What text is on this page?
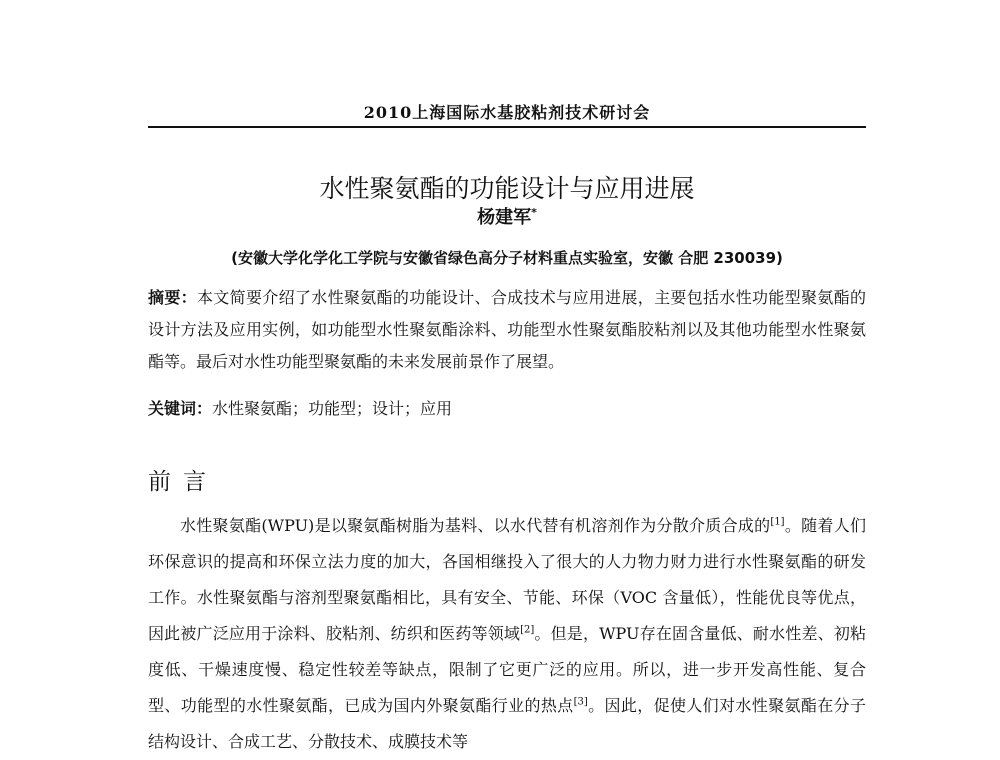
2010上海国际水基胶粘剂技术研讨会
水性聚氨酯的功能设计与应用进展
杨建军*
(安徽大学化学化工学院与安徽省绿色高分子材料重点实验室，安徽 合肥 230039)

摘要：本文简要介绍了水性聚氨酯的功能设计、合成技术与应用进展，主要包括水性功能型聚氨酯的设计方法及应用实例，如功能型水性聚氨酯涂料、功能型水性聚氨酯胶粘剂以及其他功能型水性聚氨酯等。最后对水性功能型聚氨酯的未来发展前景作了展望。

关键词：水性聚氨酯；功能型；设计；应用

前言

水性聚氨酯(WPU)是以聚氨酯树脂为基料、以水代替有机溶剂作为分散介质合成的[1]。随着人们环保意识的提高和环保立法力度的加大，各国相继投入了很大的人力物力财力进行水性聚氨酯的研发工作。水性聚氨酯与溶剂型聚氨酯相比，具有安全、节能、环保（VOC 含量低），性能优良等优点，因此被广泛应用于涂料、胶粘剂、纺织和医药等领域[2]。但是，WPU存在固含量低、耐水性差、初粘度低、干燥速度慢、稳定性较差等缺点，限制了它更广泛的应用。所以，进一步开发高性能、复合型、功能型的水性聚氨酯，已成为国内外聚氨酯行业的热点[3]。因此，促使人们对水性聚氨酯在分子结构设计、合成工艺、分散技术、成膜技术等
